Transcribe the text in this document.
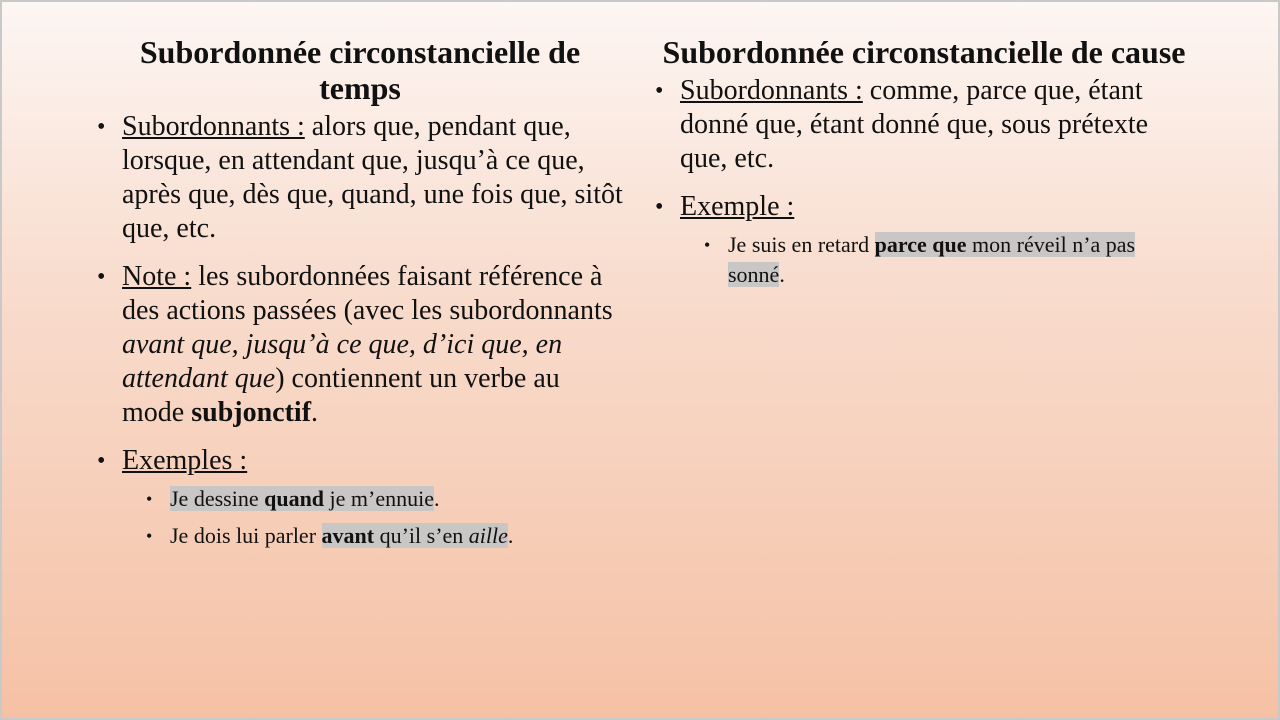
Subordonnée circonstancielle de temps
• Subordonnants : alors que, pendant que, lorsque, en attendant que, jusqu’à ce que, après que, dès que, quand, une fois que, sitôt que, etc.
• Note : les subordonnées faisant référence à des actions passées (avec les subordonnants avant que, jusqu’à ce que, d’ici que, en attendant que) contiennent un verbe au mode subjonctif.
• Exemples :
• Je dessine quand je m’ennuie.
• Je dois lui parler avant qu’il s’en aille.
Subordonnée circonstancielle de cause
• Subordonnants : comme, parce que, étant donné que, étant donné que, sous prétexte que, etc.
• Exemple :
• Je suis en retard parce que mon réveil n’a pas sonné.
